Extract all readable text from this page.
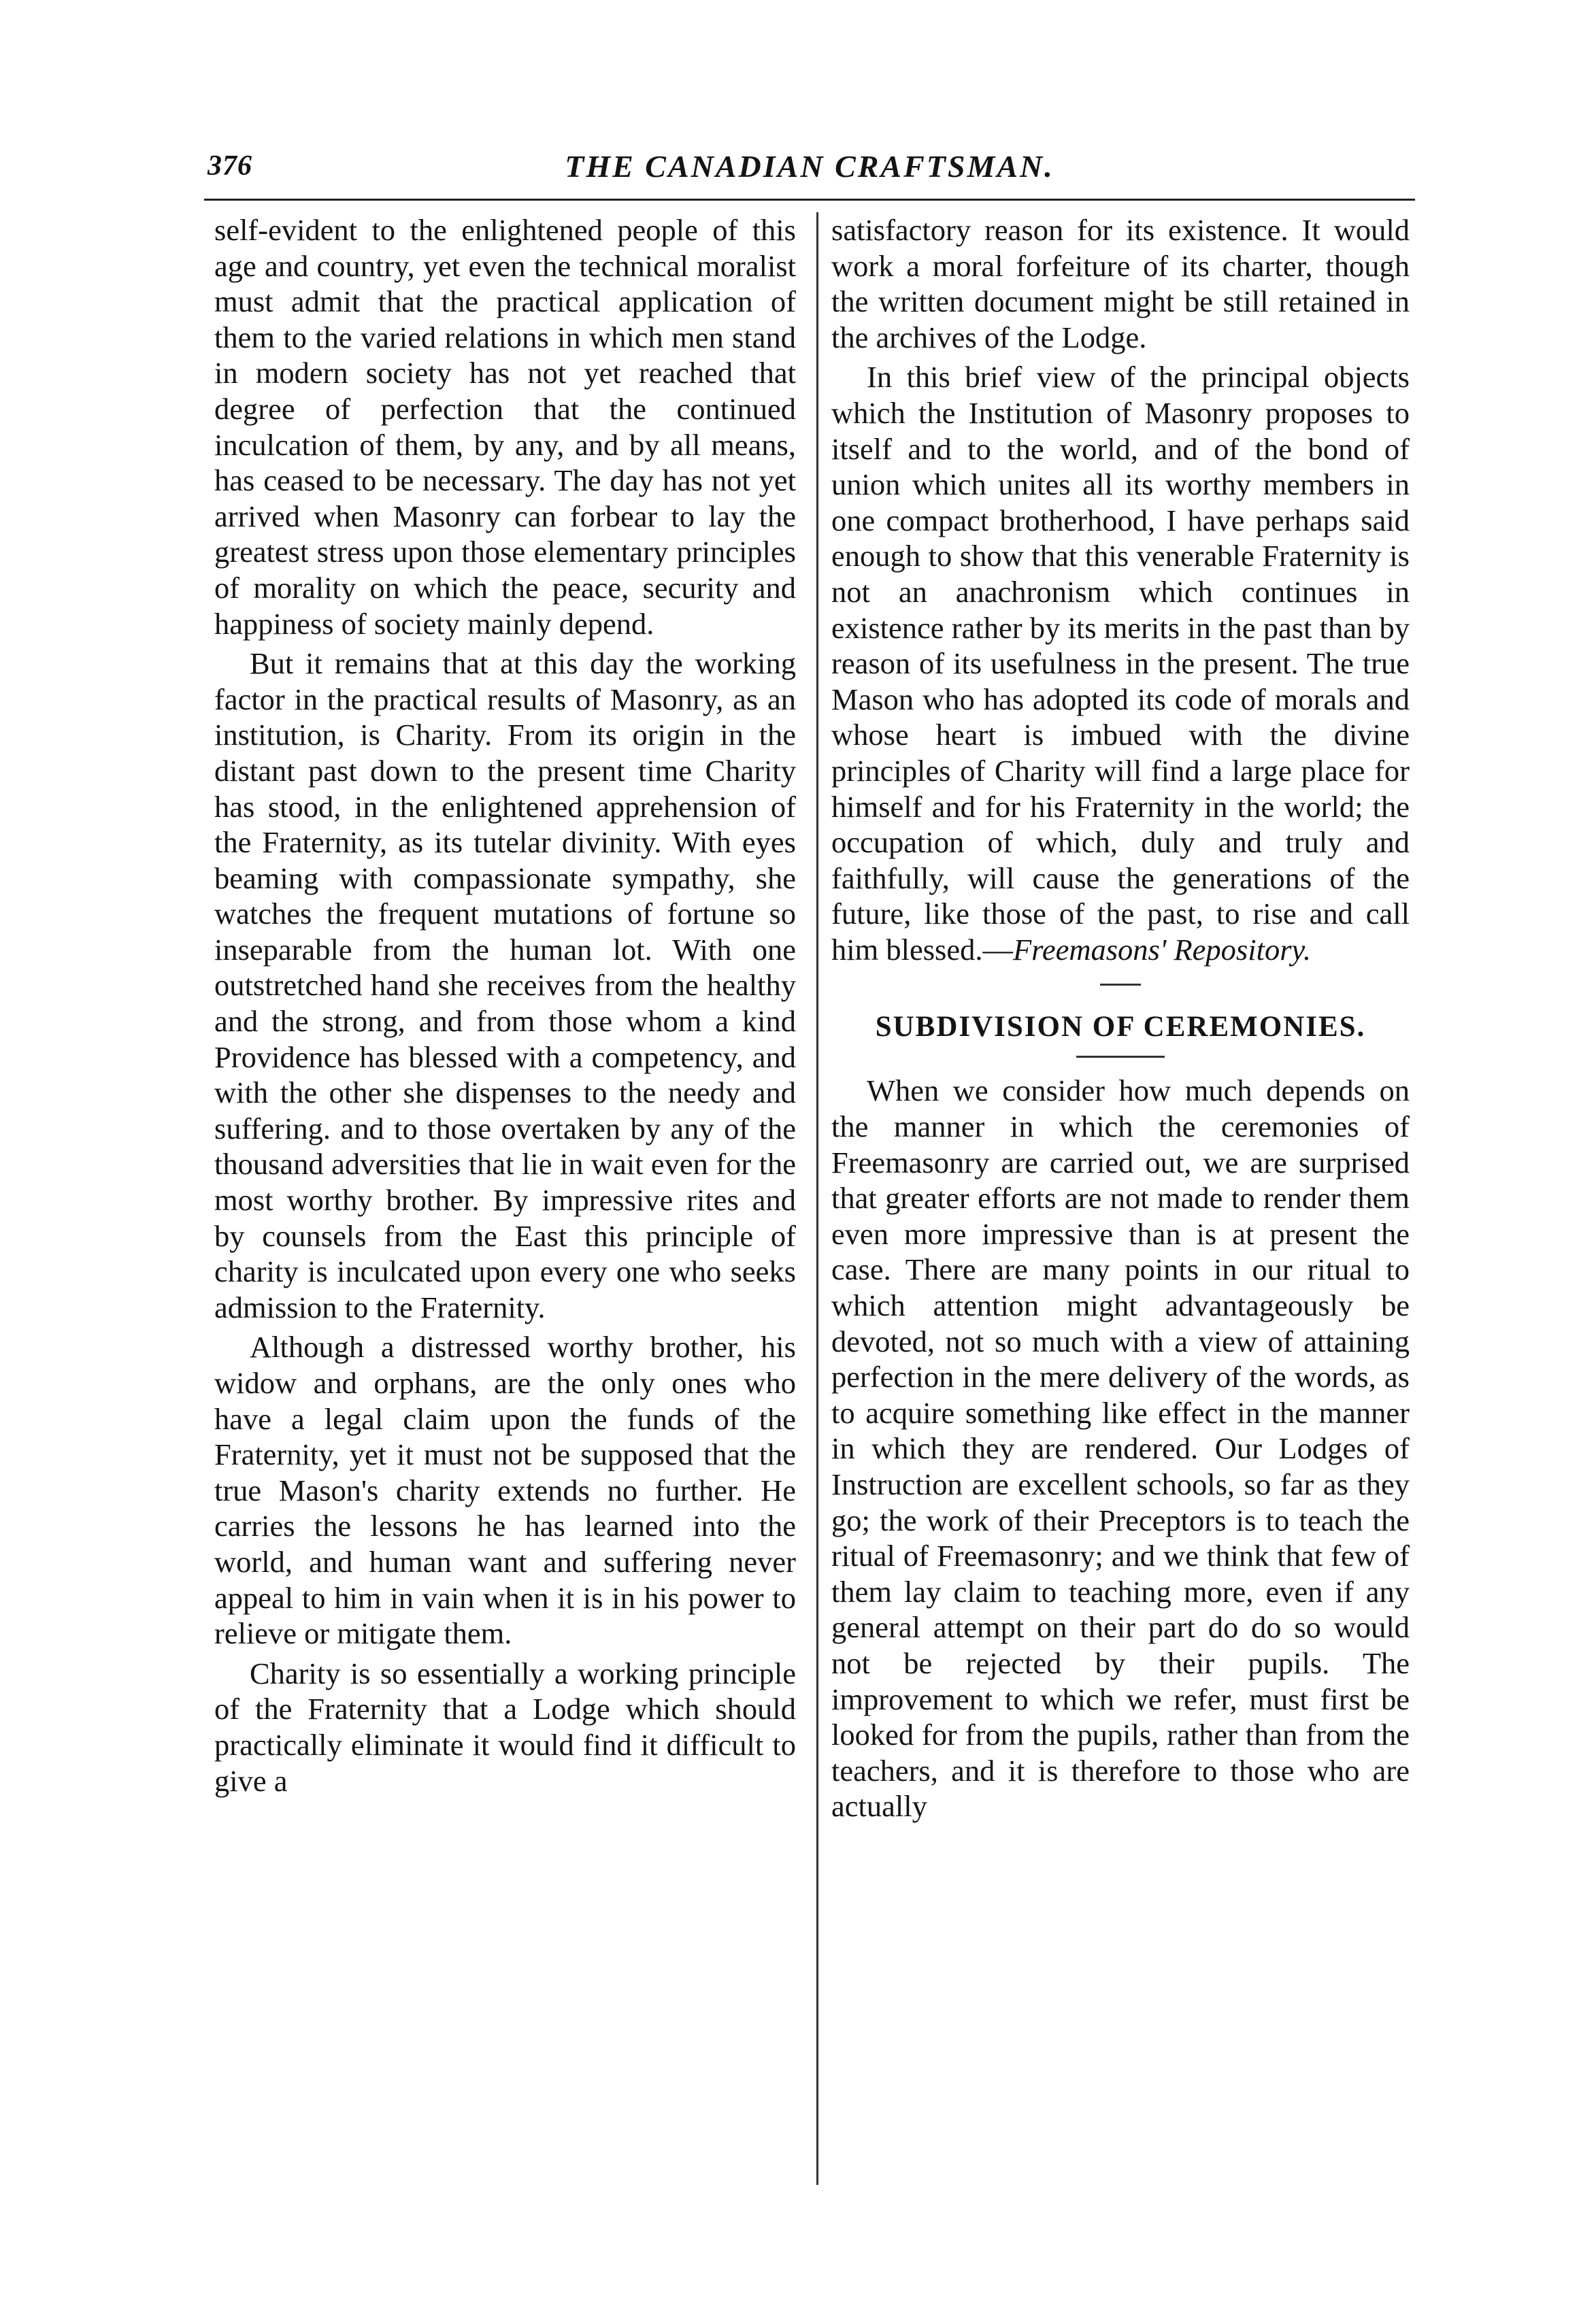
376	THE CANADIAN CRAFTSMAN.

self-evident to the enlightened people of this age and country, yet even the technical moralist must admit that the practical application of them to the varied relations in which men stand in modern society has not yet reached that degree of perfection that the continued inculcation of them, by any, and by all means, has ceased to be necessary. The day has not yet arrived when Masonry can forbear to lay the greatest stress upon those elementary principles of morality on which the peace, security and happiness of society mainly depend.

But it remains that at this day the working factor in the practical results of Masonry, as an institution, is Charity. From its origin in the distant past down to the present time Charity has stood, in the enlightened apprehension of the Fraternity, as its tutelar divinity. With eyes beaming with compassionate sympathy, she watches the frequent mutations of fortune so inseparable from the human lot. With one outstretched hand she receives from the healthy and the strong, and from those whom a kind Providence has blessed with a competency, and with the other she dispenses to the needy and suffering. and to those overtaken by any of the thousand adversities that lie in wait even for the most worthy brother. By impressive rites and by counsels from the East this principle of charity is inculcated upon every one who seeks admission to the Fraternity.

Although a distressed worthy brother, his widow and orphans, are the only ones who have a legal claim upon the funds of the Fraternity, yet it must not be supposed that the true Mason's charity extends no further. He carries the lessons he has learned into the world, and human want and suffering never appeal to him in vain when it is in his power to relieve or mitigate them.

Charity is so essentially a working principle of the Fraternity that a Lodge which should practically eliminate it would find it difficult to give a

satisfactory reason for its existence. It would work a moral forfeiture of its charter, though the written document might be still retained in the archives of the Lodge.

In this brief view of the principal objects which the Institution of Masonry proposes to itself and to the world, and of the bond of union which unites all its worthy members in one compact brotherhood, I have perhaps said enough to show that this venerable Fraternity is not an anachronism which continues in existence rather by its merits in the past than by reason of its usefulness in the present. The true Mason who has adopted its code of morals and whose heart is imbued with the divine principles of Charity will find a large place for himself and for his Fraternity in the world; the occupation of which, duly and truly and faithfully, will cause the generations of the future, like those of the past, to rise and call him blessed.—Freemasons' Repository.

SUBDIVISION OF CEREMONIES.

When we consider how much depends on the manner in which the ceremonies of Freemasonry are carried out, we are surprised that greater efforts are not made to render them even more impressive than is at present the case. There are many points in our ritual to which attention might advantageously be devoted, not so much with a view of attaining perfection in the mere delivery of the words, as to acquire something like effect in the manner in which they are rendered. Our Lodges of Instruction are excellent schools, so far as they go; the work of their Preceptors is to teach the ritual of Freemasonry; and we think that few of them lay claim to teaching more, even if any general attempt on their part do do so would not be rejected by their pupils. The improvement to which we refer, must first be looked for from the pupils, rather than from the teachers, and it is therefore to those who are actually
